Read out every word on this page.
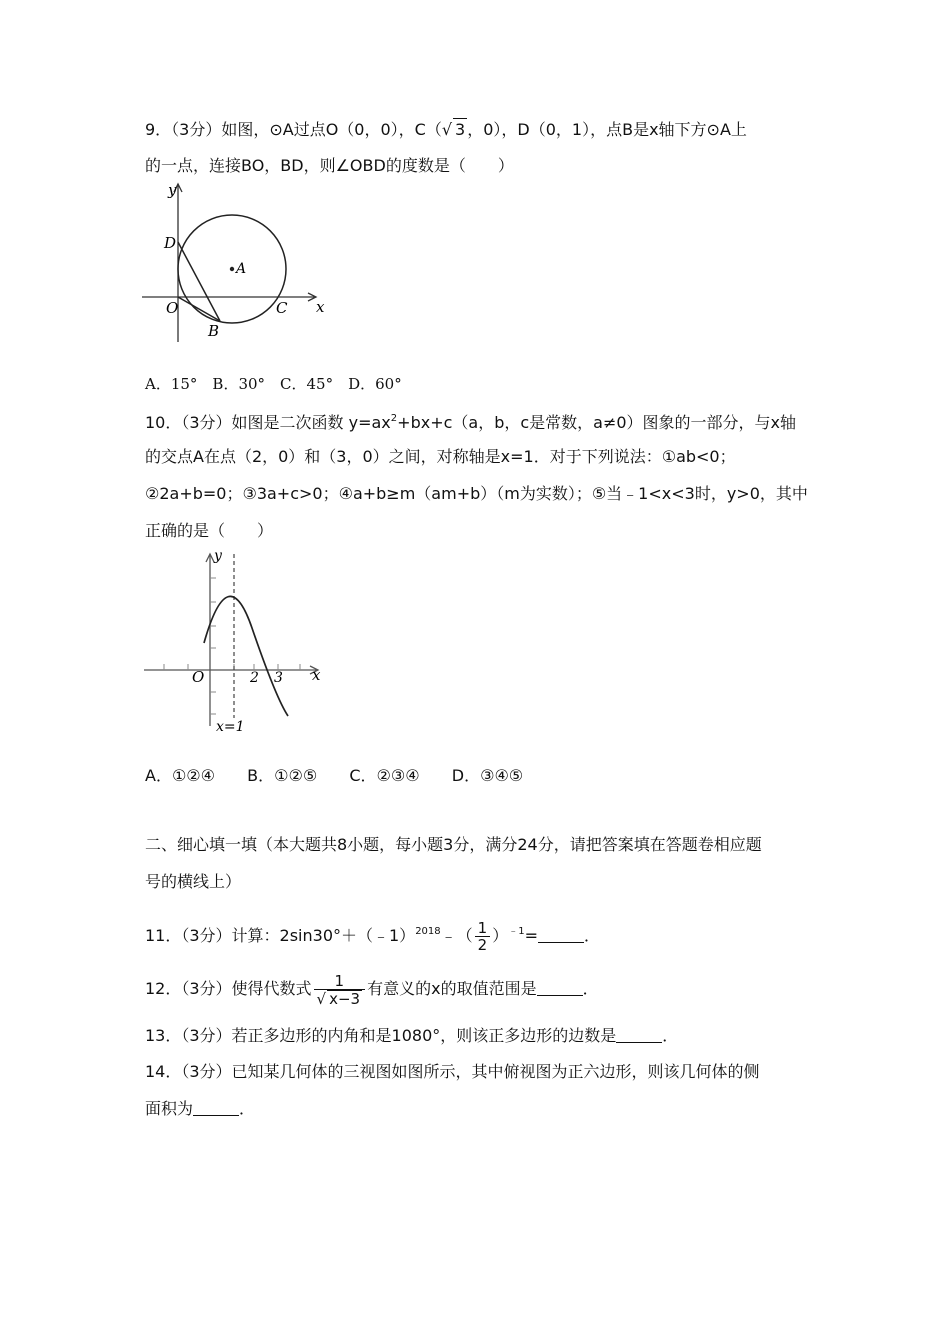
9．（3分）如图，⊙A过点O（0，0），C（√ 3 ，0），D（0，1），点B是x轴下方⊙A上
的一点，连接BO，BD，则∠OBD的度数是（　　）
y
x
D
A
O	C
B
A．15°　B．30°　C．45°　D．60°
10．（3分）如图是二次函数 $y=ax^2+bx+c(a$，b，c是常数，a≠0）图象的一部分，与x轴
的交点A在点（2，0）和（3，0）之间，对称轴是x=1．对于下列说法：①ab<0；
②2a+b=0；③3a+c>0；④a+b≥m（am+b）（m为实数）；⑤当﹣1<x<3时，y>0，其中
正确的是（　　）
O	2 3 x
y
x=1
A．①②④ B．①②⑤ C．②③④ D．③④⑤
二、细心填一填（本大题共8小题，每小题3分，满分24分，请把答案填在答题卷相应题
号的横线上）
11．（3分）计算：2sin30°＋（﹣1）$^{2018}$﹣（ $\frac{1}{2} )^{﹣1}=$	．
12．（3分）使得代数式 $\frac{1}{√ x-3}$ 有意义的x的取值范围是	．
13．（3分）若正多边形的内角和是1080°，则该正多边形的边数是	．
14．（3分）已知某几何体的三视图如图所示，其中俯视图为正六边形，则该几何体的侧
面积为	．
